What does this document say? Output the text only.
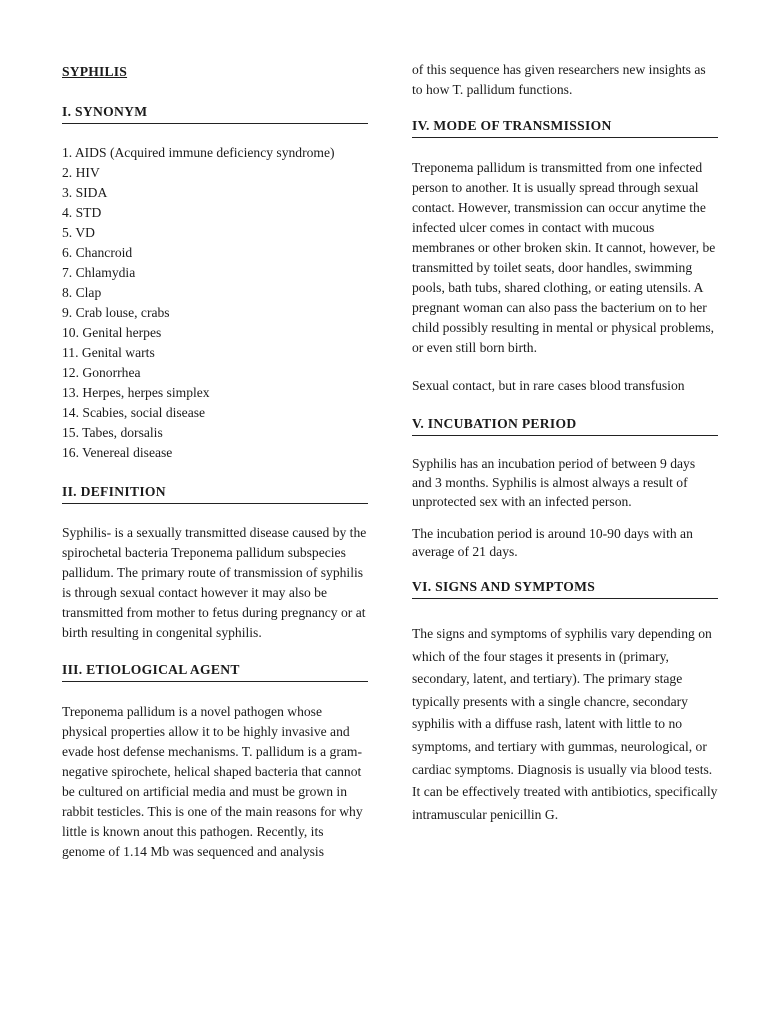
SYPHILIS
I. SYNONYM
1. AIDS (Acquired immune deficiency syndrome)
2. HIV
3. SIDA
4. STD
5. VD
6. Chancroid
7. Chlamydia
8. Clap
9. Crab louse, crabs
10. Genital herpes
11. Genital warts
12. Gonorrhea
13. Herpes, herpes simplex
14. Scabies, social disease
15. Tabes, dorsalis
16. Venereal disease
II. DEFINITION

Syphilis- is a sexually transmitted disease caused by the spirochetal bacteria Treponema pallidum subspecies pallidum. The primary route of transmission of syphilis is through sexual contact however it may also be transmitted from mother to fetus during pregnancy or at birth resulting in congenital syphilis.

III. ETIOLOGICAL AGENT

Treponema pallidum is a novel pathogen whose physical properties allow it to be highly invasive and evade host defense mechanisms. T. pallidum is a gram-negative spirochete, helical shaped bacteria that cannot be cultured on artificial media and must be grown in rabbit testicles. This is one of the main reasons for why little is known anout this pathogen. Recently, its genome of 1.14 Mb was sequenced and analysis

of this sequence has given researchers new insights as to how T. pallidum functions.

IV. MODE OF TRANSMISSION

Treponema pallidum is transmitted from one infected person to another. It is usually spread through sexual contact. However, transmission can occur anytime the infected ulcer comes in contact with mucous membranes or other broken skin. It cannot, however, be transmitted by toilet seats, door handles, swimming pools, bath tubs, shared clothing, or eating utensils. A pregnant woman can also pass the bacterium on to her child possibly resulting in mental or physical problems, or even still born birth.

Sexual contact, but in rare cases blood transfusion

V. INCUBATION PERIOD

Syphilis has an incubation period of between 9 days and 3 months. Syphilis is almost always a result of unprotected sex with an infected person.

The incubation period is around 10-90 days with an average of 21 days.

VI. SIGNS AND SYMPTOMS

The signs and symptoms of syphilis vary depending on which of the four stages it presents in (primary, secondary, latent, and tertiary). The primary stage typically presents with a single chancre, secondary syphilis with a diffuse rash, latent with little to no symptoms, and tertiary with gummas, neurological, or cardiac symptoms. Diagnosis is usually via blood tests. It can be effectively treated with antibiotics, specifically intramuscular penicillin G.
